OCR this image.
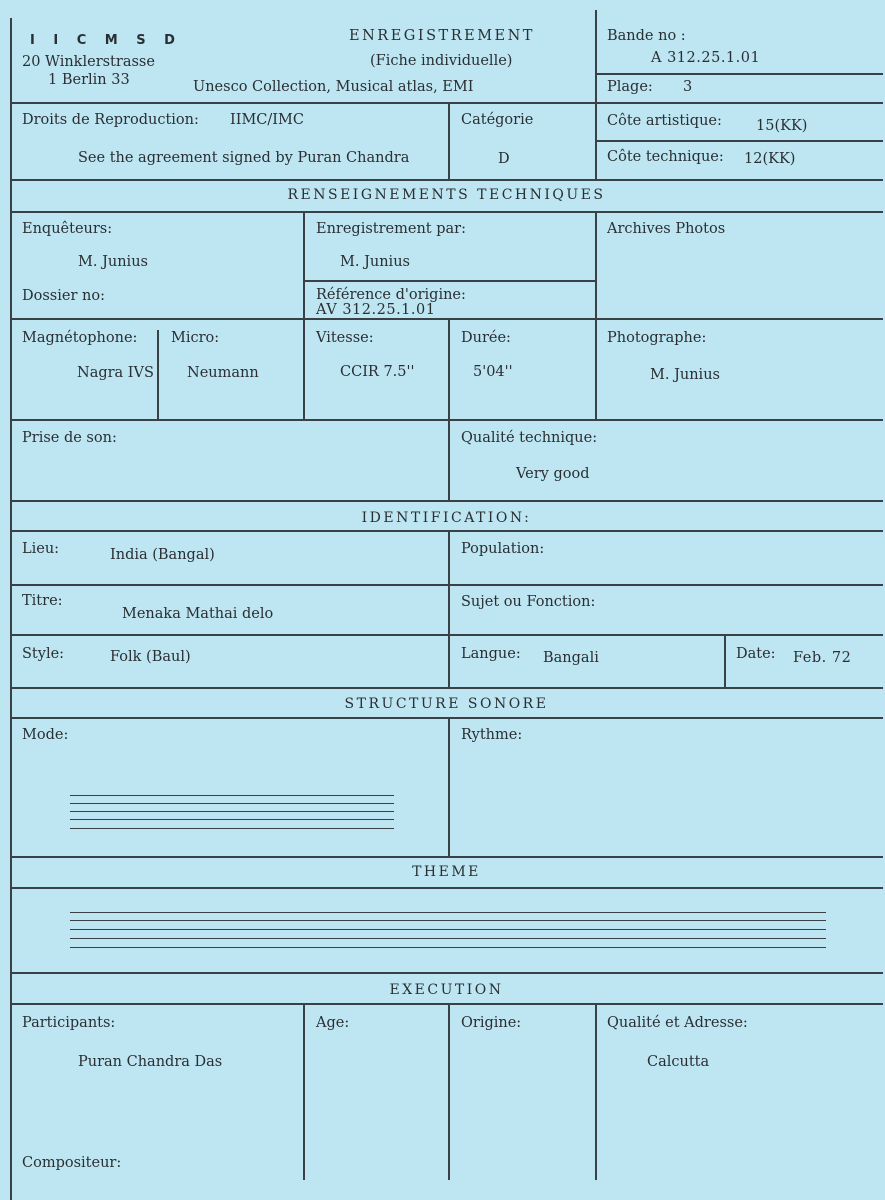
I I C M S D
20 Winklerstrasse
1 Berlin 33
ENREGISTREMENT
(Fiche individuelle)
Unesco Collection, Musical atlas, EMI
Bande no :
A 312.25.1.01
Plage: 3
Droits de Reproduction: IIMC/IMC
See the agreement signed by Puran Chandra
Catégorie
D
Côte artistique: 15(KK)
Côte technique: 12(KK)
RENSEIGNEMENTS TECHNIQUES
Enquêteurs:
M. Junius
Enregistrement par:
M. Junius
Archives Photos
Dossier no:	Référence d'origine:
AV 312.25.1.01
Magnétophone:
Nagra IVS
Micro:
Neumann
Vitesse:
CCIR 7.5''
Durée:
5'04''
Photographe:
M. Junius
Prise de son:	Qualité technique:
Very good
IDENTIFICATION:
Lieu:	India (Bangal)	Population:
Titre:
Menaka Mathai delo
Sujet ou Fonction:
Style:	Folk (Baul)	Langue: Bangali	Date: Feb. 72
STRUCTURE SONORE
Mode:	Rythme:
THEME
EXECUTION
Participants:
Puran Chandra Das
Age:	Origine:	Qualité et Adresse:
Calcutta
Compositeur:
